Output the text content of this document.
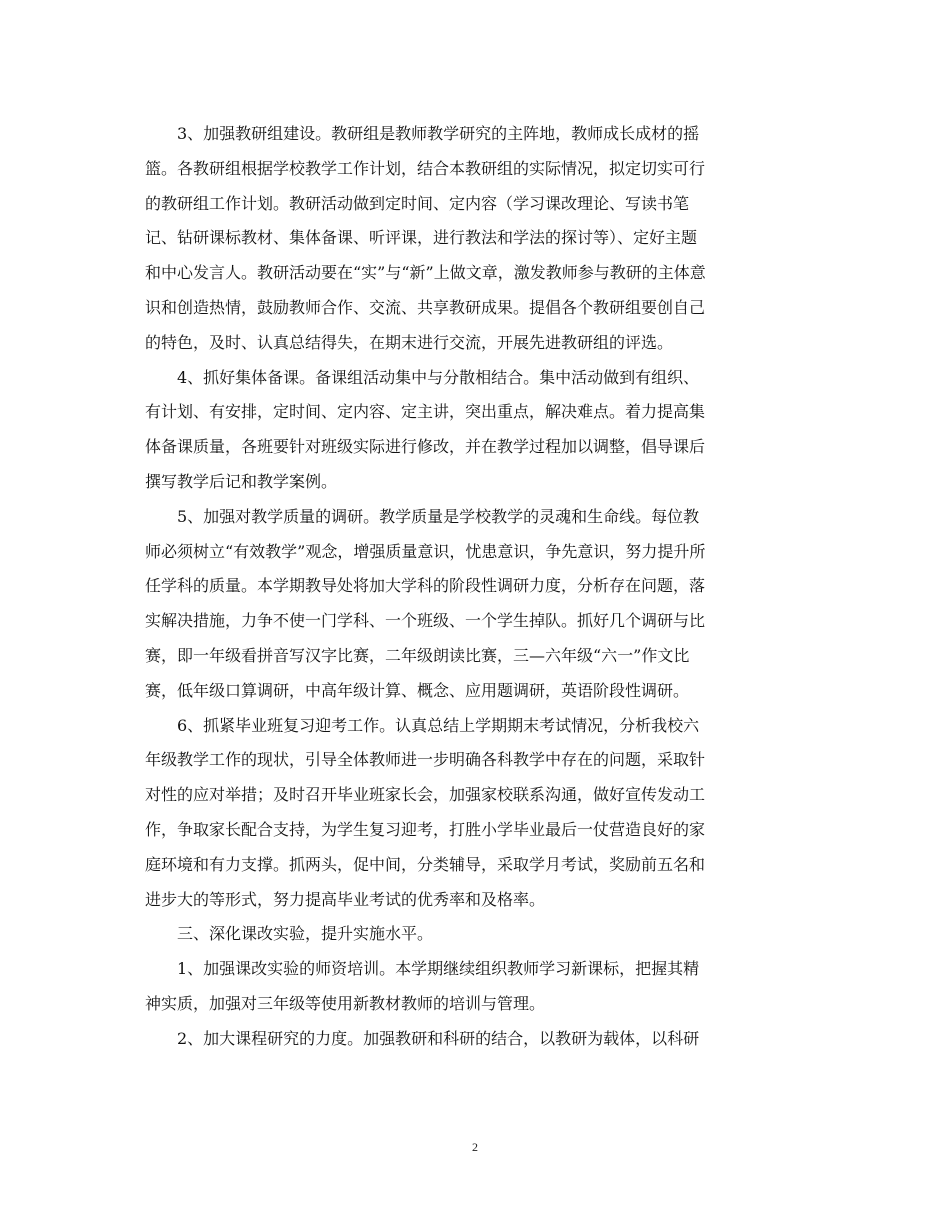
3、加强教研组建设。教研组是教师教学研究的主阵地，教师成长成材的摇
篮。各教研组根据学校教学工作计划，结合本教研组的实际情况，拟定切实可行
的教研组工作计划。教研活动做到定时间、定内容（学习课改理论、写读书笔
记、钻研课标教材、集体备课、听评课，进行教法和学法的探讨等）、定好主题
和中心发言人。教研活动要在“实”与“新”上做文章，激发教师参与教研的主体意
识和创造热情，鼓励教师合作、交流、共享教研成果。提倡各个教研组要创自己
的特色，及时、认真总结得失，在期末进行交流，开展先进教研组的评选。
4、抓好集体备课。备课组活动集中与分散相结合。集中活动做到有组织、
有计划、有安排，定时间、定内容、定主讲，突出重点，解决难点。着力提高集
体备课质量，各班要针对班级实际进行修改，并在教学过程加以调整，倡导课后
撰写教学后记和教学案例。
5、加强对教学质量的调研。教学质量是学校教学的灵魂和生命线。每位教
师必须树立“有效教学”观念，增强质量意识，忧患意识，争先意识，努力提升所
任学科的质量。本学期教导处将加大学科的阶段性调研力度，分析存在问题，落
实解决措施，力争不使一门学科、一个班级、一个学生掉队。抓好几个调研与比
赛，即一年级看拼音写汉字比赛，二年级朗读比赛，三—六年级“六一”作文比
赛，低年级口算调研，中高年级计算、概念、应用题调研，英语阶段性调研。
6、抓紧毕业班复习迎考工作。认真总结上学期期末考试情况，分析我校六
年级教学工作的现状，引导全体教师进一步明确各科教学中存在的问题，采取针
对性的应对举措；及时召开毕业班家长会，加强家校联系沟通，做好宣传发动工
作，争取家长配合支持，为学生复习迎考，打胜小学毕业最后一仗营造良好的家
庭环境和有力支撑。抓两头，促中间，分类辅导，采取学月考试，奖励前五名和
进步大的等形式，努力提高毕业考试的优秀率和及格率。
三、深化课改实验，提升实施水平。
1、加强课改实验的师资培训。本学期继续组织教师学习新课标，把握其精
神实质，加强对三年级等使用新教材教师的培训与管理。
2、加大课程研究的力度。加强教研和科研的结合，以教研为载体，以科研
2
